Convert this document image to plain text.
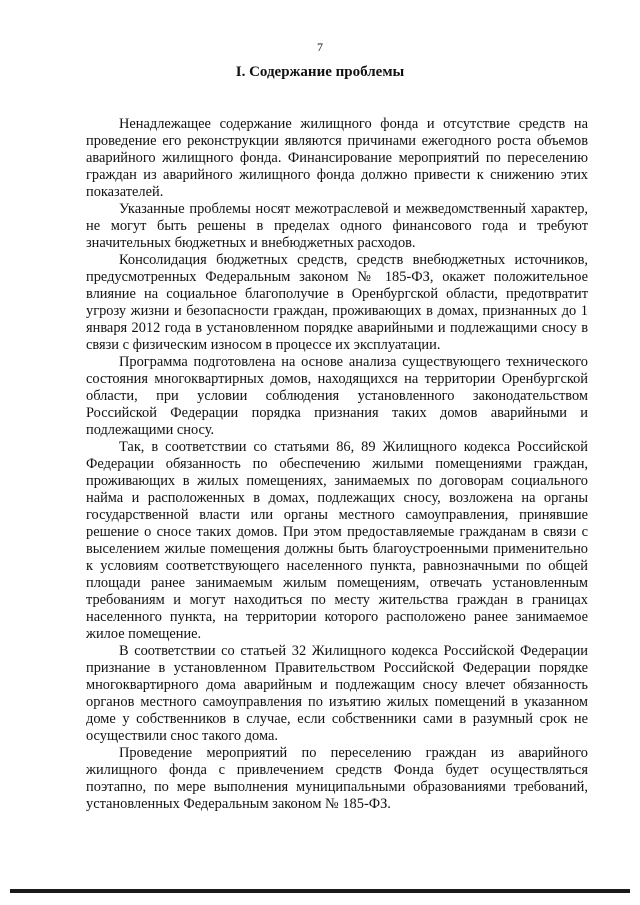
7
I. Содержание проблемы

Ненадлежащее содержание жилищного фонда и отсутствие средств на проведение его реконструкции являются причинами ежегодного роста объемов аварийного жилищного фонда. Финансирование мероприятий по переселению граждан из аварийного жилищного фонда должно привести к снижению этих показателей.

Указанные проблемы носят межотраслевой и межведомственный характер, не могут быть решены в пределах одного финансового года и требуют значительных бюджетных и внебюджетных расходов.

Консолидация бюджетных средств, средств внебюджетных источников, предусмотренных Федеральным законом № 185-ФЗ, окажет положительное влияние на социальное благополучие в Оренбургской области, предотвратит угрозу жизни и безопасности граждан, проживающих в домах, признанных до 1 января 2012 года в установленном порядке аварийными и подлежащими сносу в связи с физическим износом в процессе их эксплуатации.

Программа подготовлена на основе анализа существующего технического состояния многоквартирных домов, находящихся на территории Оренбургской области, при условии соблюдения установленного законодательством Российской Федерации порядка признания таких домов аварийными и подлежащими сносу.

Так, в соответствии со статьями 86, 89 Жилищного кодекса Российской Федерации обязанность по обеспечению жилыми помещениями граждан, проживающих в жилых помещениях, занимаемых по договорам социального найма и расположенных в домах, подлежащих сносу, возложена на органы государственной власти или органы местного самоуправления, принявшие решение о сносе таких домов. При этом предоставляемые гражданам в связи с выселением жилые помещения должны быть благоустроенными применительно к условиям соответствующего населенного пункта, равнозначными по общей площади ранее занимаемым жилым помещениям, отвечать установленным требованиям и могут находиться по месту жительства граждан в границах населенного пункта, на территории которого расположено ранее занимаемое жилое помещение.

В соответствии со статьей 32 Жилищного кодекса Российской Федерации признание в установленном Правительством Российской Федерации порядке многоквартирного дома аварийным и подлежащим сносу влечет обязанность органов местного самоуправления по изъятию жилых помещений в указанном доме у собственников в случае, если собственники сами в разумный срок не осуществили снос такого дома.

Проведение мероприятий по переселению граждан из аварийного жилищного фонда с привлечением средств Фонда будет осуществляться поэтапно, по мере выполнения муниципальными образованиями требований, установленных Федеральным законом № 185-ФЗ.
